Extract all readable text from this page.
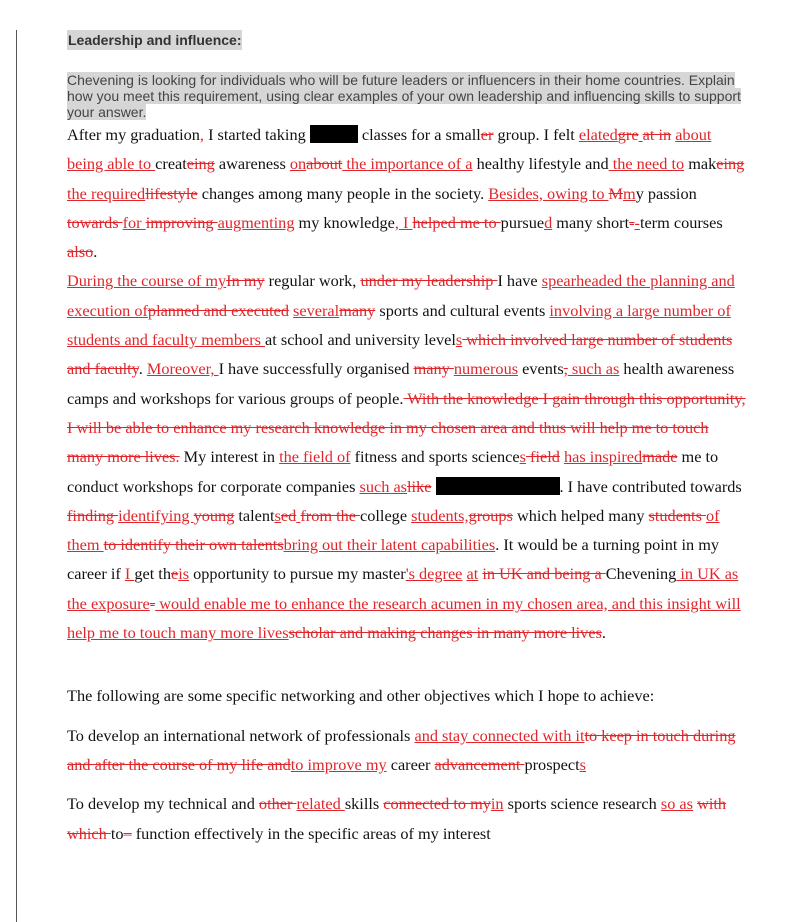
Leadership and influence:
Chevening is looking for individuals who will be future leaders or influencers in their home countries. Explain how you meet this requirement, using clear examples of your own leadership and influencing skills to support your answer.

After my graduation, I started taking	classes for a smaller group. I felt elatedgre at in about being able to createing awareness onabout the importance of a healthy lifestyle and the need to makeing the requiredlifestyle changes among many people in the society. Besides, owing to Mmy passion towards for improving augmenting my knowledge, I helped me to pursued many short--term courses also.

During the course of myIn my regular work, under my leadership I have spearheaded the planning and execution ofplanned and executed severalmany sports and cultural events involving a large number of students and faculty members at school and university levels which involved large number of students and faculty. Moreover, I have successfully organised many numerous events, such as health awareness camps and workshops for various groups of people. With the knowledge I gain through this opportunity, I will be able to enhance my research knowledge in my chosen area and thus will help me to touch many more lives. My interest in the field of fitness and sports sciences field has inspiredmade me to conduct workshops for corporate companies such aslike	. I have contributed towards finding identifying young talentsed from the college students,groups which helped many students of them to identify their own talentsbring out their latent capabilities. It would be a turning point in my career if I get theis opportunity to pursue my master's degree at in UK and being a Chevening in UK as the exposure- would enable me to enhance the research acumen in my chosen area, and this insight will help me to touch many more livesscholar and making changes in many more lives.

The following are some specific networking and other objectives which I hope to achieve:

To develop an international network of professionals and stay connected with itto keep in touch during and after the course of my life andto improve my career advancement prospects

To develop my technical and other related skills connected to myin sports science research so as with which to– function effectively in the specific areas of my interest
